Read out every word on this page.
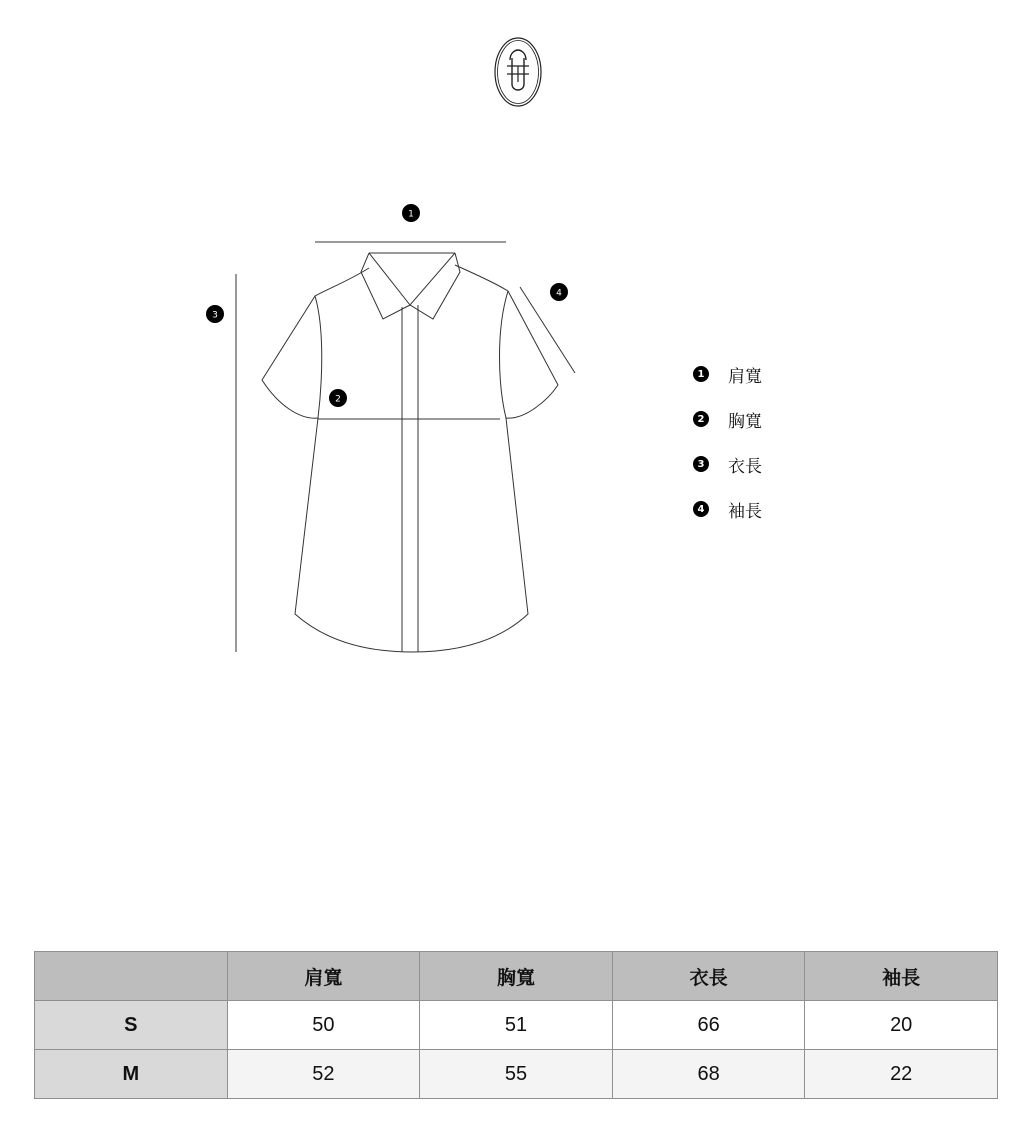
1
2
3
4
1 肩寬
2 胸寬
3 衣長
4 袖長
	肩寬	胸寬	衣長	袖長
S	50	51	66	20
M	52	55	68	22
